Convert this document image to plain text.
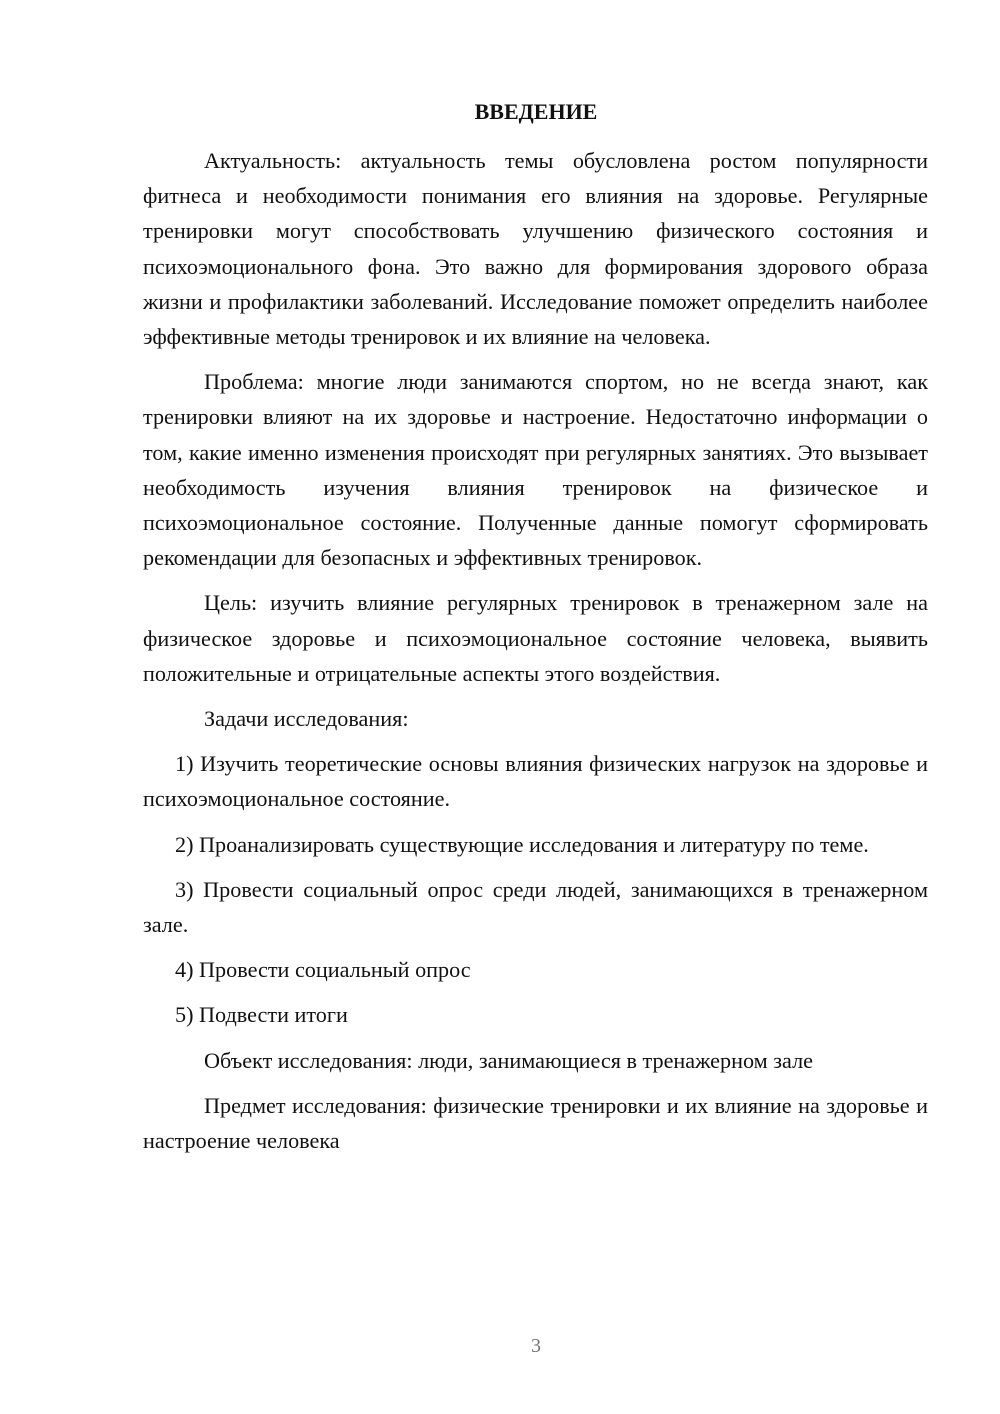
ВВЕДЕНИЕ

Актуальность: актуальность темы обусловлена ростом популярности фитнеса и необходимости понимания его влияния на здоровье. Регулярные тренировки могут способствовать улучшению физического состояния и психоэмоционального фона. Это важно для формирования здорового образа жизни и профилактики заболеваний. Исследование поможет определить наиболее эффективные методы тренировок и их влияние на человека.

Проблема: многие люди занимаются спортом, но не всегда знают, как тренировки влияют на их здоровье и настроение. Недостаточно информации о том, какие именно изменения происходят при регулярных занятиях. Это вызывает необходимость изучения влияния тренировок на физическое и психоэмоциональное состояние. Полученные данные помогут сформировать рекомендации для безопасных и эффективных тренировок.

Цель: изучить влияние регулярных тренировок в тренажерном зале на физическое здоровье и психоэмоциональное состояние человека, выявить положительные и отрицательные аспекты этого воздействия.

Задачи исследования:

1) Изучить теоретические основы влияния физических нагрузок на здоровье и психоэмоциональное состояние.

2) Проанализировать существующие исследования и литературу по теме.

3) Провести социальный опрос среди людей, занимающихся в тренажерном зале.

4) Провести социальный опрос

5) Подвести итоги

Объект исследования: люди, занимающиеся в тренажерном зале

Предмет исследования: физические тренировки и их влияние на здоровье и настроение человека

3
